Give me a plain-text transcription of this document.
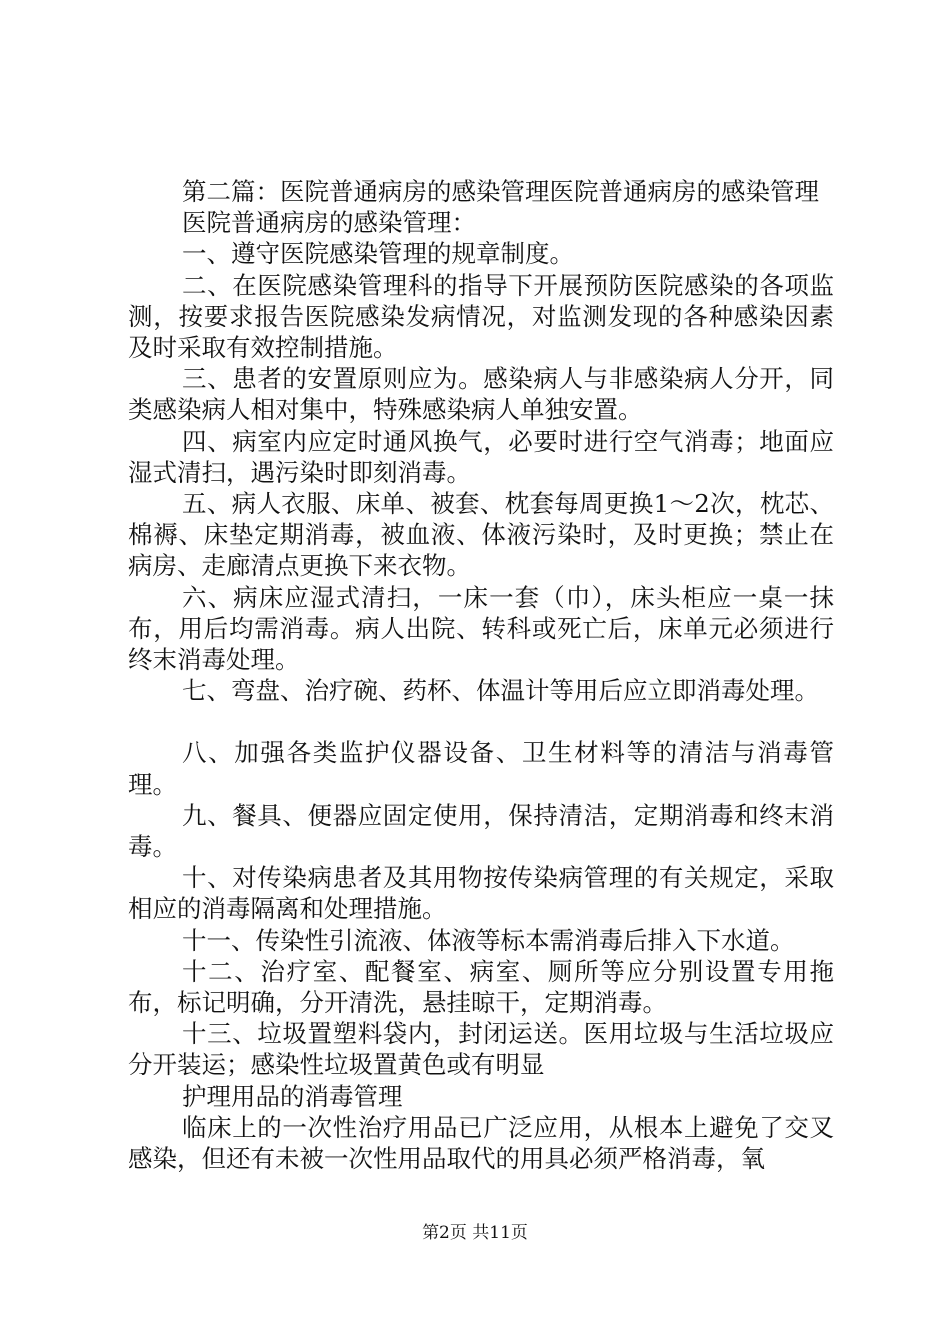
第二篇：医院普通病房的感染管理医院普通病房的感染管理

医院普通病房的感染管理：

一、遵守医院感染管理的规章制度。

二、在医院感染管理科的指导下开展预防医院感染的各项监测，按要求报告医院感染发病情况，对监测发现的各种感染因素及时采取有效控制措施。

三、患者的安置原则应为。感染病人与非感染病人分开，同类感染病人相对集中，特殊感染病人单独安置。

四、病室内应定时通风换气，必要时进行空气消毒；地面应湿式清扫，遇污染时即刻消毒。

五、病人衣服、床单、被套、枕套每周更换1～2次，枕芯、棉褥、床垫定期消毒，被血液、体液污染时，及时更换；禁止在病房、走廊清点更换下来衣物。

六、病床应湿式清扫，一床一套（巾），床头柜应一桌一抹布，用后均需消毒。病人出院、转科或死亡后，床单元必须进行终末消毒处理。

七、弯盘、治疗碗、药杯、体温计等用后应立即消毒处理。

八、加强各类监护仪器设备、卫生材料等的清洁与消毒管理。

九、餐具、便器应固定使用，保持清洁，定期消毒和终末消毒。

十、对传染病患者及其用物按传染病管理的有关规定，采取相应的消毒隔离和处理措施。

十一、传染性引流液、体液等标本需消毒后排入下水道。

十二、治疗室、配餐室、病室、厕所等应分别设置专用拖布，标记明确，分开清洗，悬挂晾干，定期消毒。

十三、垃圾置塑料袋内，封闭运送。医用垃圾与生活垃圾应分开装运；感染性垃圾置黄色或有明显

护理用品的消毒管理

临床上的一次性治疗用品已广泛应用，从根本上避免了交叉感染，但还有未被一次性用品取代的用具必须严格消毒，氧

第2页 共11页
